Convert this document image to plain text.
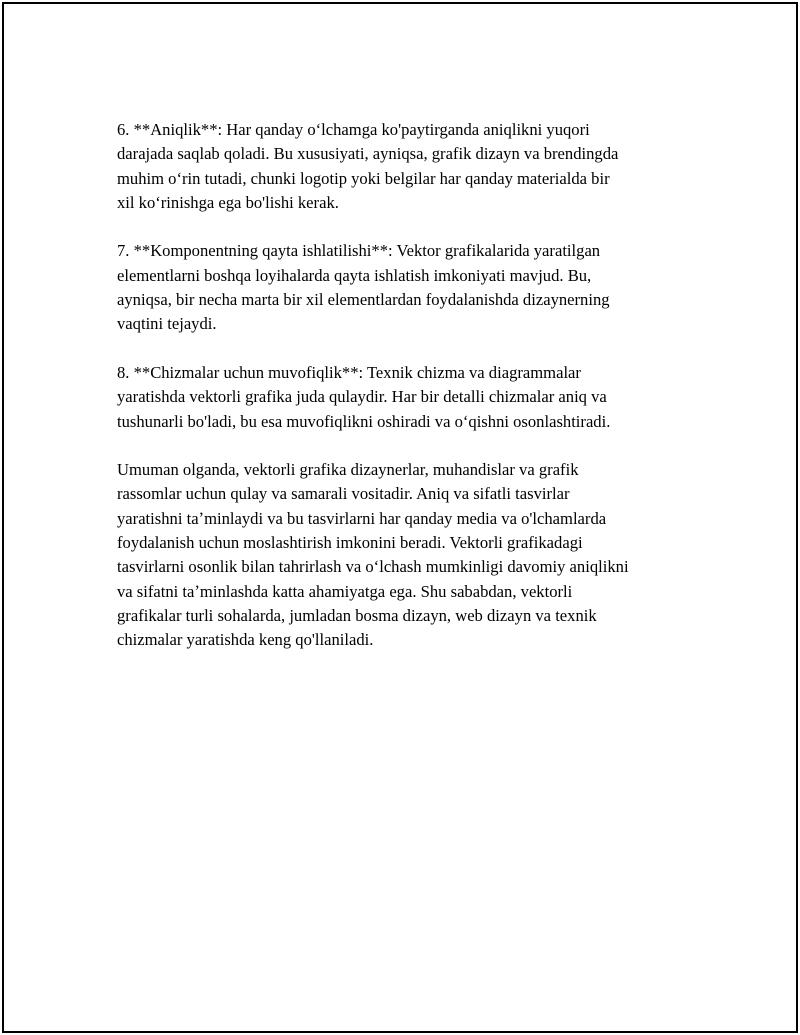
6. **Aniqlik**: Har qanday oʻlchamga ko'paytirganda aniqlikni yuqori
darajada saqlab qoladi. Bu xususiyati, ayniqsa, grafik dizayn va brendingda
muhim oʻrin tutadi, chunki logotip yoki belgilar har qanday materialda bir
xil koʻrinishga ega bo'lishi kerak.
7. **Komponentning qayta ishlatilishi**: Vektor grafikalarida yaratilgan
elementlarni boshqa loyihalarda qayta ishlatish imkoniyati mavjud. Bu,
ayniqsa, bir necha marta bir xil elementlardan foydalanishda dizaynerning
vaqtini tejaydi.
8. **Chizmalar uchun muvofiqlik**: Texnik chizma va diagrammalar
yaratishda vektorli grafika juda qulaydir. Har bir detalli chizmalar aniq va
tushunarli bo'ladi, bu esa muvofiqlikni oshiradi va oʻqishni osonlashtiradi.
Umuman olganda, vektorli grafika dizaynerlar, muhandislar va grafik
rassomlar uchun qulay va samarali vositadir. Aniq va sifatli tasvirlar
yaratishni taʼminlaydi va bu tasvirlarni har qanday media va o'lchamlarda
foydalanish uchun moslashtirish imkonini beradi. Vektorli grafikadagi
tasvirlarni osonlik bilan tahrirlash va oʻlchash mumkinligi davomiy aniqlikni
va sifatni taʼminlashda katta ahamiyatga ega. Shu sababdan, vektorli
grafikalar turli sohalarda, jumladan bosma dizayn, web dizayn va texnik
chizmalar yaratishda keng qo'llaniladi.
